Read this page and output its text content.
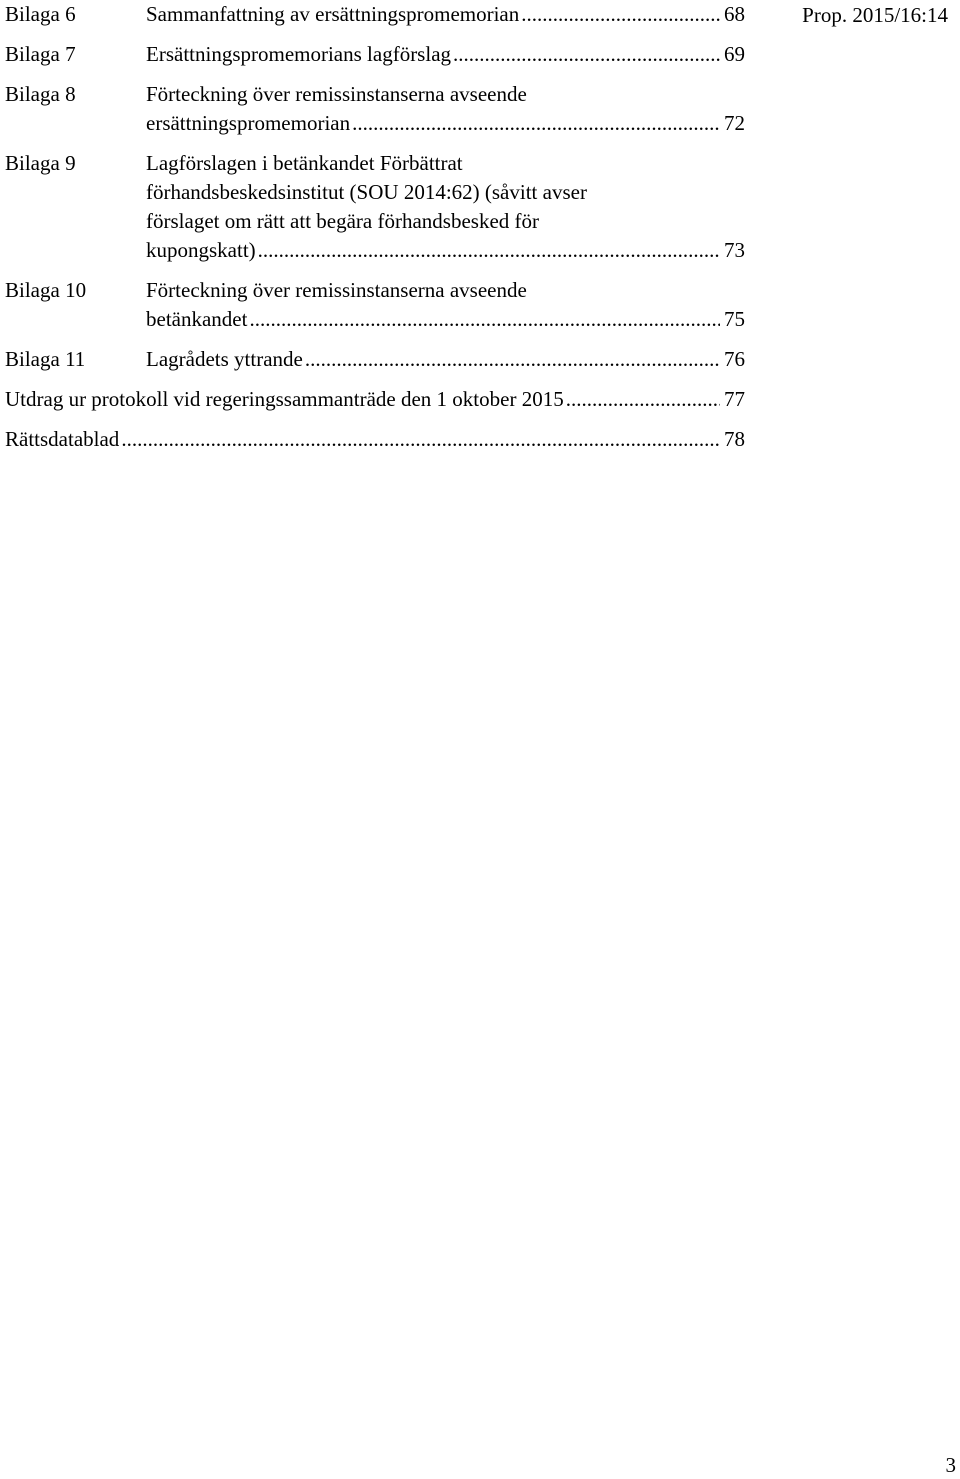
Prop. 2015/16:14
Bilaga 6	Sammanfattning av ersättningspromemorian .....	68
Bilaga 7	Ersättningspromemorians lagförslag .....	69
Bilaga 8	Förteckning över remissinstanserna avseende
ersättningspromemorian .....	72
Bilaga 9	Lagförslagen i betänkandet Förbättrat
förhandsbeskedsinstitut (SOU 2014:62) (såvitt avser
förslaget om rätt att begära förhandsbesked för
kupongskatt) .....	73
Bilaga 10	Förteckning över remissinstanserna avseende
betänkandet .....	75
Bilaga 11	Lagrådets yttrande .....	76
Utdrag ur protokoll vid regeringssammanträde den 1 oktober 2015 .....	77
Rättsdatablad .....	78
3
